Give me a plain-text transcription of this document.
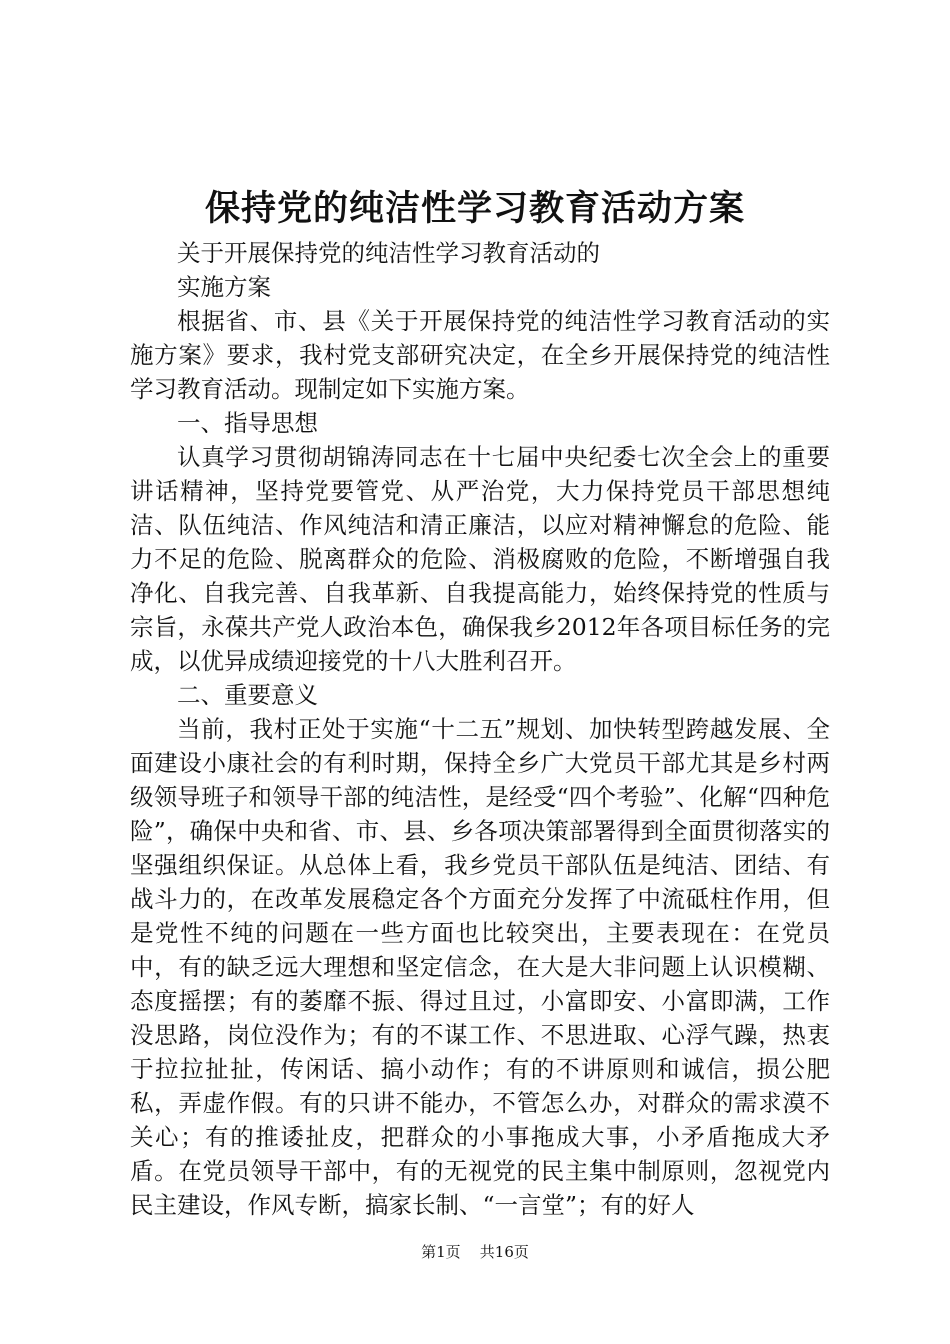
保持党的纯洁性学习教育活动方案

关于开展保持党的纯洁性学习教育活动的

实施方案

根据省、市、县《关于开展保持党的纯洁性学习教育活动的实施方案》要求，我村党支部研究决定，在全乡开展保持党的纯洁性学习教育活动。现制定如下实施方案。

一、指导思想

认真学习贯彻胡锦涛同志在十七届中央纪委七次全会上的重要讲话精神，坚持党要管党、从严治党，大力保持党员干部思想纯洁、队伍纯洁、作风纯洁和清正廉洁，以应对精神懈怠的危险、能力不足的危险、脱离群众的危险、消极腐败的危险，不断增强自我净化、自我完善、自我革新、自我提高能力，始终保持党的性质与宗旨，永葆共产党人政治本色，确保我乡2012年各项目标任务的完成，以优异成绩迎接党的十八大胜利召开。

二、重要意义

当前，我村正处于实施“十二五”规划、加快转型跨越发展、全面建设小康社会的有利时期，保持全乡广大党员干部尤其是乡村两级领导班子和领导干部的纯洁性，是经受“四个考验”、化解“四种危险”，确保中央和省、市、县、乡各项决策部署得到全面贯彻落实的坚强组织保证。从总体上看，我乡党员干部队伍是纯洁、团结、有战斗力的，在改革发展稳定各个方面充分发挥了中流砥柱作用，但是党性不纯的问题在一些方面也比较突出，主要表现在：在党员中，有的缺乏远大理想和坚定信念，在大是大非问题上认识模糊、态度摇摆；有的萎靡不振、得过且过，小富即安、小富即满，工作没思路，岗位没作为；有的不谋工作、不思进取、心浮气躁，热衷于拉拉扯扯，传闲话、搞小动作；有的不讲原则和诚信，损公肥私，弄虚作假。有的只讲不能办，不管怎么办，对群众的需求漠不关心；有的推诿扯皮，把群众的小事拖成大事，小矛盾拖成大矛盾。在党员领导干部中，有的无视党的民主集中制原则，忽视党内民主建设，作风专断，搞家长制、“一言堂”；有的好人

第1页 共16页
